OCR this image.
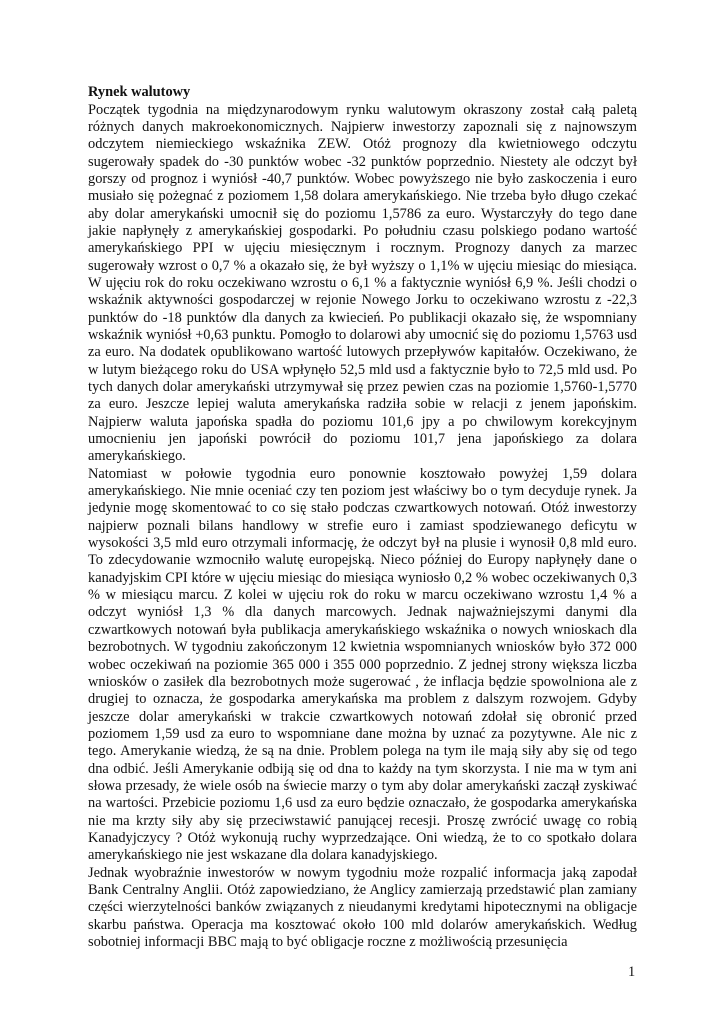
Rynek walutowy

Początek tygodnia na międzynarodowym rynku walutowym okraszony został całą paletą różnych danych makroekonomicznych. Najpierw inwestorzy zapoznali się z najnowszym odczytem niemieckiego wskaźnika ZEW. Otóż prognozy dla kwietniowego odczytu sugerowały spadek do -30 punktów wobec -32 punktów poprzednio. Niestety ale odczyt był gorszy od prognoz i wyniósł -40,7 punktów. Wobec powyższego nie było zaskoczenia i euro musiało się pożegnać z poziomem 1,58 dolara amerykańskiego. Nie trzeba było długo czekać aby dolar amerykański umocnił się do poziomu 1,5786 za euro. Wystarczyły do tego dane jakie napłynęły z amerykańskiej gospodarki. Po południu czasu polskiego podano wartość amerykańskiego PPI w ujęciu miesięcznym i rocznym. Prognozy danych za marzec sugerowały wzrost o 0,7 % a okazało się, że był wyższy o 1,1% w ujęciu miesiąc do miesiąca. W ujęciu rok do roku oczekiwano wzrostu o 6,1 % a faktycznie wyniósł 6,9 %. Jeśli chodzi o wskaźnik aktywności gospodarczej w rejonie Nowego Jorku to oczekiwano wzrostu z -22,3 punktów do -18 punktów dla danych za kwiecień. Po publikacji okazało się, że wspomniany wskaźnik wyniósł +0,63 punktu. Pomogło to dolarowi aby umocnić się do poziomu 1,5763 usd za euro. Na dodatek opublikowano wartość lutowych przepływów kapitałów. Oczekiwano, że w lutym bieżącego roku do USA wpłynęło 52,5 mld usd a faktycznie było to 72,5 mld usd. Po tych danych dolar amerykański utrzymywał się przez pewien czas na poziomie 1,5760-1,5770 za euro. Jeszcze lepiej waluta amerykańska radziła sobie w relacji z jenem japońskim. Najpierw waluta japońska spadła do poziomu 101,6 jpy a po chwilowym korekcyjnym umocnieniu jen japoński powrócił do poziomu 101,7 jena japońskiego za dolara amerykańskiego.

Natomiast w połowie tygodnia euro ponownie kosztowało powyżej 1,59 dolara amerykańskiego. Nie mnie oceniać czy ten poziom jest właściwy bo o tym decyduje rynek. Ja jedynie mogę skomentować to co się stało podczas czwartkowych notowań. Otóż inwestorzy najpierw poznali bilans handlowy w strefie euro i zamiast spodziewanego deficytu w wysokości 3,5 mld euro otrzymali informację, że odczyt był na plusie i wynosił 0,8 mld euro. To zdecydowanie wzmocniło walutę europejską. Nieco później do Europy napłynęły dane o kanadyjskim CPI które w ujęciu miesiąc do miesiąca wyniosło 0,2 % wobec oczekiwanych 0,3 % w miesiącu marcu. Z kolei w ujęciu rok do roku w marcu oczekiwano wzrostu 1,4 % a odczyt wyniósł 1,3 % dla danych marcowych. Jednak najważniejszymi danymi dla czwartkowych notowań była publikacja amerykańskiego wskaźnika o nowych wnioskach dla bezrobotnych. W tygodniu zakończonym 12 kwietnia wspomnianych wniosków było 372 000 wobec oczekiwań na poziomie 365 000 i 355 000 poprzednio. Z jednej strony większa liczba wniosków o zasiłek dla bezrobotnych może sugerować , że inflacja będzie spowolniona ale z drugiej to oznacza, że gospodarka amerykańska ma problem z dalszym rozwojem. Gdyby jeszcze dolar amerykański w trakcie czwartkowych notowań zdołał się obronić przed poziomem 1,59 usd za euro to wspomniane dane można by uznać za pozytywne. Ale nic z tego. Amerykanie wiedzą, że są na dnie. Problem polega na tym ile mają siły aby się od tego dna odbić. Jeśli Amerykanie odbiją się od dna to każdy na tym skorzysta. I nie ma w tym ani słowa przesady, że wiele osób na świecie marzy o tym aby dolar amerykański zaczął zyskiwać na wartości. Przebicie poziomu 1,6 usd za euro będzie oznaczało, że gospodarka amerykańska nie ma krzty siły aby się przeciwstawić panującej recesji. Proszę zwrócić uwagę co robią Kanadyjczycy ? Otóż wykonują ruchy wyprzedzające. Oni wiedzą, że to co spotkało dolara amerykańskiego nie jest wskazane dla dolara kanadyjskiego.

Jednak wyobraźnie inwestorów w nowym tygodniu może rozpalić informacja jaką zapodał Bank Centralny Anglii. Otóż zapowiedziano, że Anglicy zamierzają przedstawić plan zamiany części wierzytelności banków związanych z nieudanymi kredytami hipotecznymi na obligacje skarbu państwa. Operacja ma kosztować około 100 mld dolarów amerykańskich. Według sobotniej informacji BBC mają to być obligacje roczne z możliwością przesunięcia

1
